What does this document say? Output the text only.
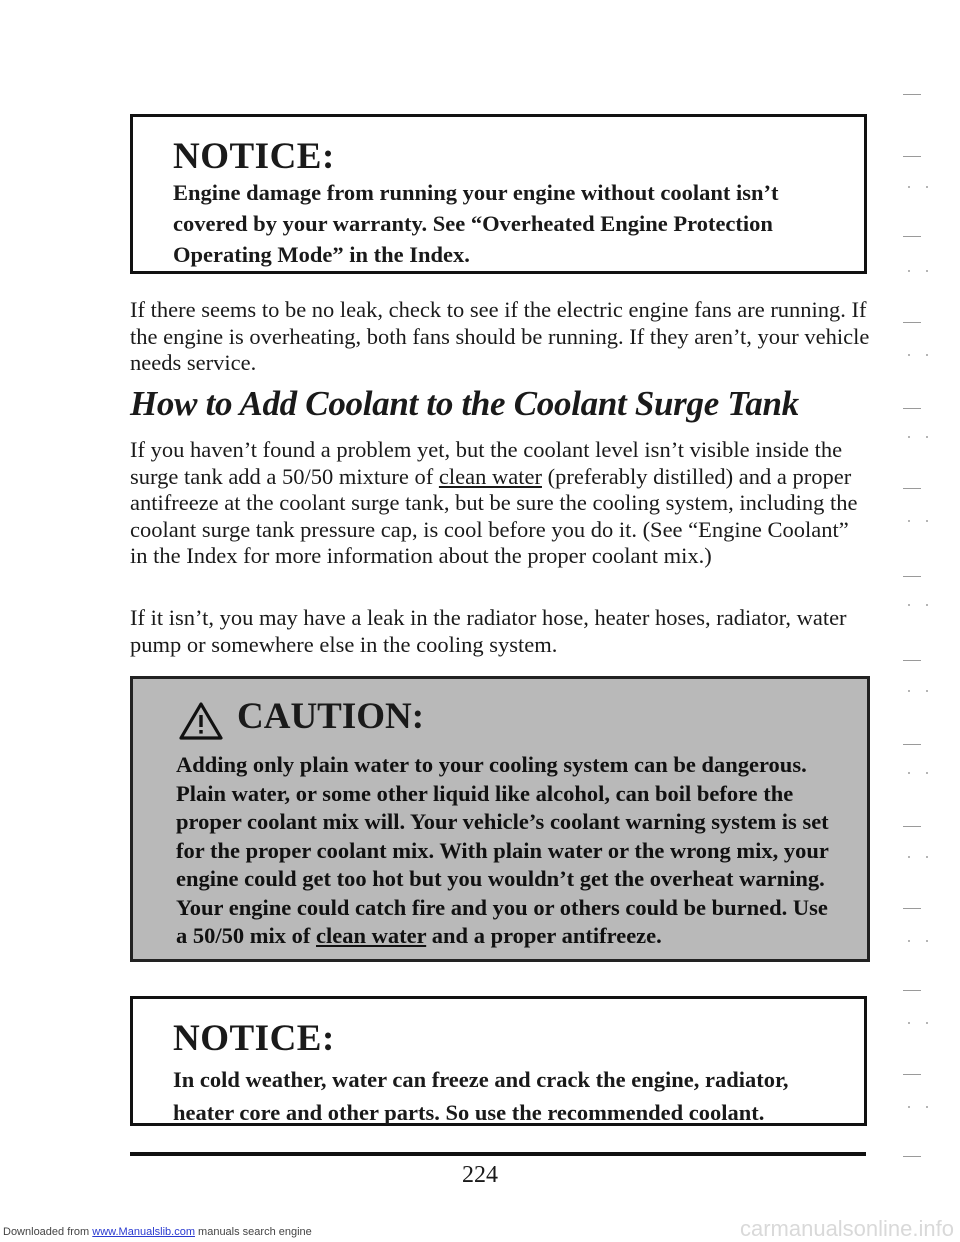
NOTICE:
Engine damage from running your engine without coolant isn’t covered by your warranty. See “Overheated Engine Protection Operating Mode” in the Index.
If there seems to be no leak, check to see if the electric engine fans are running. If the engine is overheating, both fans should be running. If they aren’t, your vehicle needs service.
How to Add Coolant to the Coolant Surge Tank
If you haven’t found a problem yet, but the coolant level isn’t visible inside the surge tank add a 50/50 mixture of clean water (preferably distilled) and a proper antifreeze at the coolant surge tank, but be sure the cooling system, including the coolant surge tank pressure cap, is cool before you do it. (See “Engine Coolant” in the Index for more information about the proper coolant mix.)
If it isn’t, you may have a leak in the radiator hose, heater hoses, radiator, water pump or somewhere else in the cooling system.
CAUTION:
Adding only plain water to your cooling system can be dangerous. Plain water, or some other liquid like alcohol, can boil before the proper coolant mix will. Your vehicle’s coolant warning system is set for the proper coolant mix. With plain water or the wrong mix, your engine could get too hot but you wouldn’t get the overheat warning. Your engine could catch fire and you or others could be burned. Use a 50/50 mix of clean water and a proper antifreeze.
NOTICE:
In cold weather, water can freeze and crack the engine, radiator, heater core and other parts. So use the recommended coolant.
224
Downloaded from www.Manualslib.com manuals search engine	carmanualsonline.info
